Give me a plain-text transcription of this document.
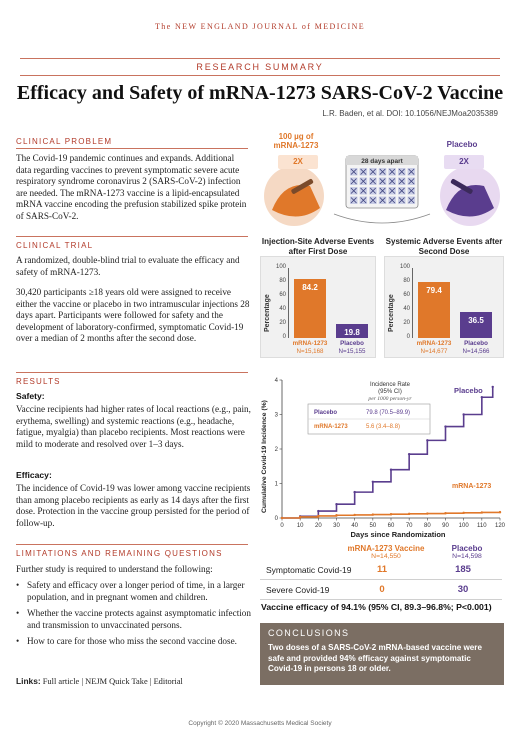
The NEW ENGLAND JOURNAL of MEDICINE
RESEARCH SUMMARY
Efficacy and Safety of mRNA-1273 SARS-CoV-2 Vaccine
L.R. Baden, et al. DOI: 10.1056/NEJMoa2035389
CLINICAL PROBLEM
The Covid-19 pandemic continues and expands. Additional data regarding vaccines to prevent symptomatic severe acute respiratory syndrome coronavirus 2 (SARS-CoV-2) infection are needed. The mRNA-1273 vaccine is a lipid-encapsulated mRNA vaccine encoding the prefusion stabilized spike protein of SARS-CoV-2.
CLINICAL TRIAL
A randomized, double-blind trial to evaluate the efficacy and safety of mRNA-1273.
30,420 participants ≥18 years old were assigned to receive either the vaccine or placebo in two intramuscular injections 28 days apart. Participants were followed for safety and the development of laboratory-confirmed, symptomatic Covid-19 over a median of 2 months after the second dose.
RESULTS
Safety:
Vaccine recipients had higher rates of local reactions (e.g., pain, erythema, swelling) and systemic reactions (e.g., headache, fatigue, myalgia) than placebo recipients. Most reactions were mild to moderate and resolved over 1–3 days.
Efficacy:
The incidence of Covid-19 was lower among vaccine recipients than among placebo recipients as early as 14 days after the first dose. Protection in the vaccine group persisted for the period of follow-up.
LIMITATIONS AND REMAINING QUESTIONS
Further study is required to understand the following:
• Safety and efficacy over a longer period of time, in a larger population, and in pregnant women and children.
• Whether the vaccine protects against asymptomatic infection and transmission to unvaccinated persons.
• How to care for those who miss the second vaccine dose.
Links: Full article | NEJM Quick Take | Editorial
100 µg of mRNA-1273
2X
Placebo
2X
28 days apart
Injection-Site Adverse Events after First Dose
Systemic Adverse Events after Second Dose
Percentage
100
80
60
40
20
0
84.2
mRNA-1273
N=15,168
19.8
Placebo
N=15,155
Percentage
100
80
60
40
20
0
79.4
mRNA-1273
N=14,677
36.5
Placebo
N=14,566
0 10 20 30 40 50 60 70 80 90 100 110 120
0
1
2
3
4
Days since Randomization
Cumulative Covid-19 Incidence (%)
Placebo
mRNA-1273
Incidence Rate
(95% CI)
per 1000 person-yr
Placebo	79.8 (70.5–89.9)
mRNA-1273	5.6 (3.4–8.8)
mRNA-1273 Vaccine
N=14,550
Placebo
N=14,598
Symptomatic Covid-19	11	185
Severe Covid-19	0	30
Vaccine efficacy of 94.1% (95% CI, 89.3–96.8%; P<0.001)
CONCLUSIONS
Two doses of a SARS-CoV-2 mRNA-based vaccine were safe and provided 94% efficacy against symptomatic Covid-19 in persons 18 or older.
Copyright © 2020 Massachusetts Medical Society
